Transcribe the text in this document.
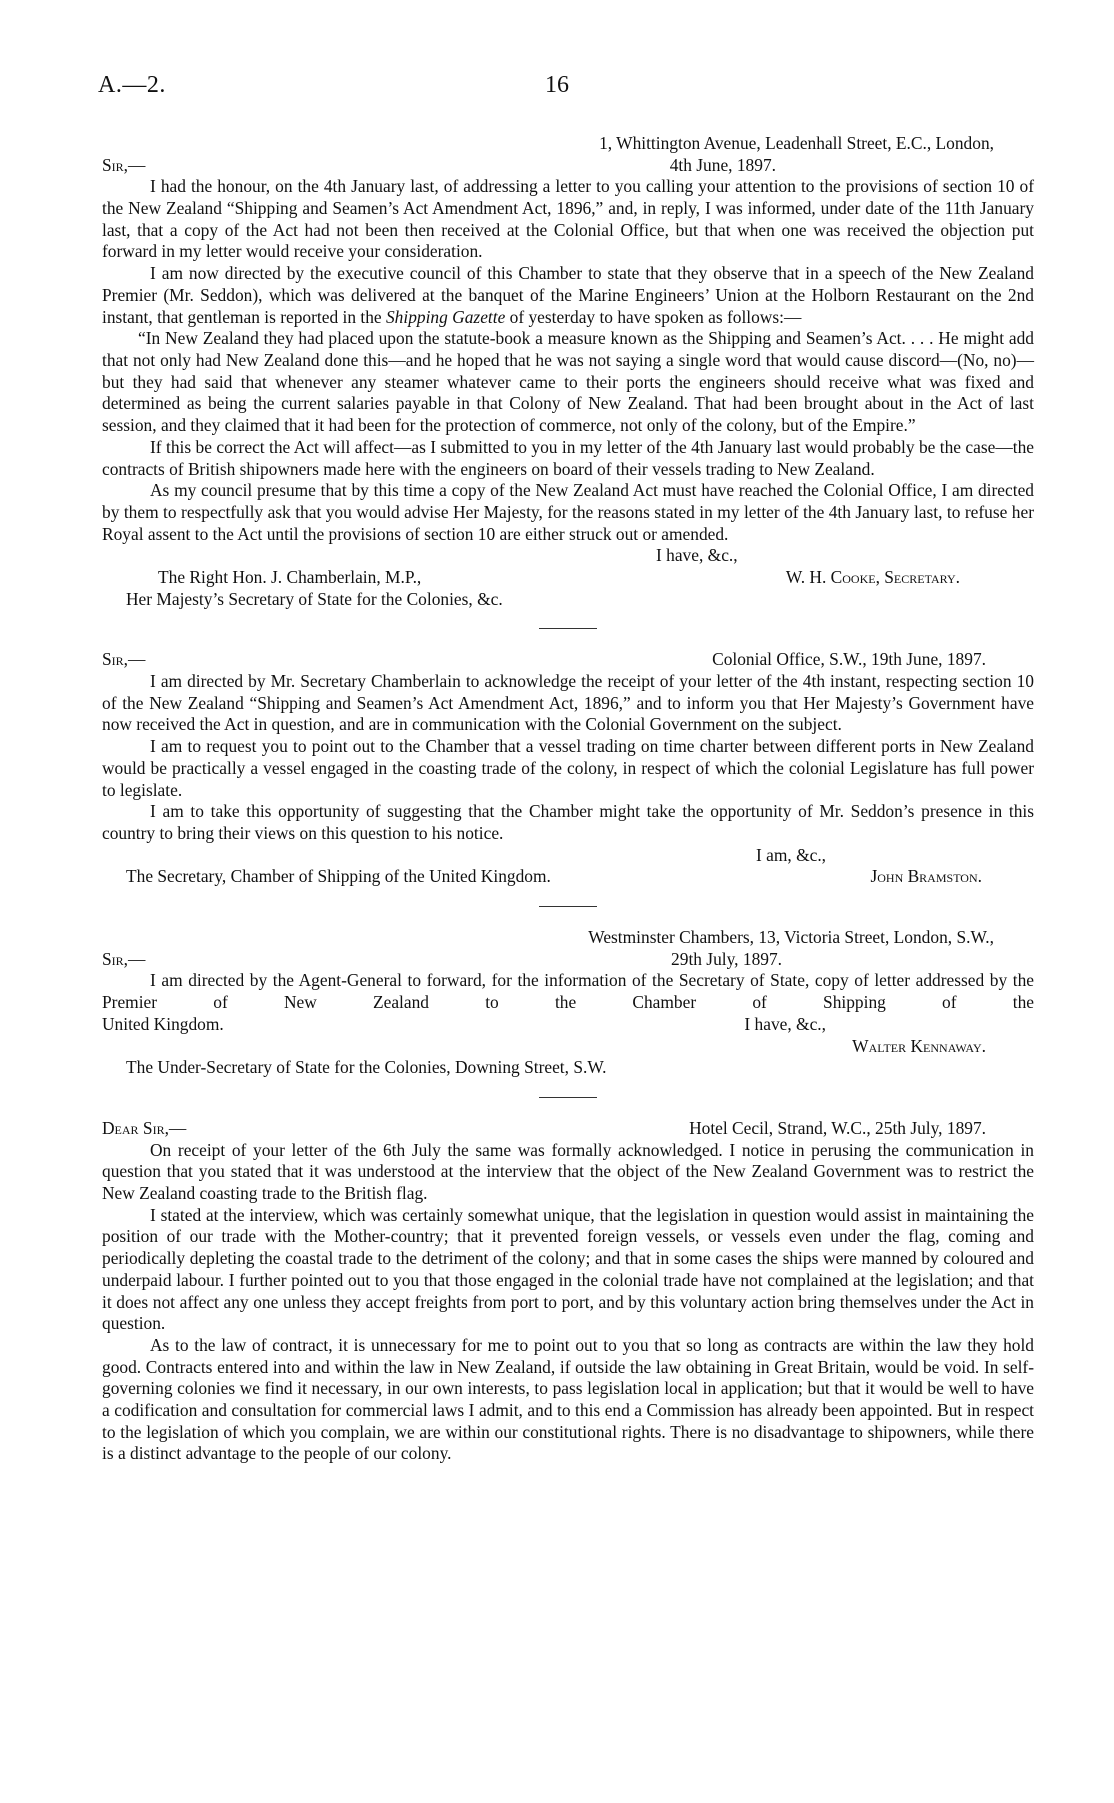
A.—2.	16
1, Whittington Avenue, Leadenhall Street, E.C., London,
Sir,—	4th June, 1897.

I had the honour, on the 4th January last, of addressing a letter to you calling your attention to the provisions of section 10 of the New Zealand “Shipping and Seamen’s Act Amendment Act, 1896,” and, in reply, I was informed, under date of the 11th January last, that a copy of the Act had not been then received at the Colonial Office, but that when one was received the objection put forward in my letter would receive your consideration.

I am now directed by the executive council of this Chamber to state that they observe that in a speech of the New Zealand Premier (Mr. Seddon), which was delivered at the banquet of the Marine Engineers’ Union at the Holborn Restaurant on the 2nd instant, that gentleman is reported in the Shipping Gazette of yesterday to have spoken as follows:—

“In New Zealand they had placed upon the statute-book a measure known as the Shipping and Seamen’s Act. . . . He might add that not only had New Zealand done this—and he hoped that he was not saying a single word that would cause discord—(No, no)—but they had said that whenever any steamer whatever came to their ports the engineers should receive what was fixed and determined as being the current salaries payable in that Colony of New Zealand. That had been brought about in the Act of last session, and they claimed that it had been for the protection of commerce, not only of the colony, but of the Empire.”

If this be correct the Act will affect—as I submitted to you in my letter of the 4th January last would probably be the case—the contracts of British shipowners made here with the engineers on board of their vessels trading to New Zealand.

As my council presume that by this time a copy of the New Zealand Act must have reached the Colonial Office, I am directed by them to respectfully ask that you would advise Her Majesty, for the reasons stated in my letter of the 4th January last, to refuse her Royal assent to the Act until the provisions of section 10 are either struck out or amended.

I have, &c.,
The Right Hon. J. Chamberlain, M.P.,	W. H. Cooke, Secretary.
Her Majesty’s Secretary of State for the Colonies, &c.
Sir,—	Colonial Office, S.W., 19th June, 1897.

I am directed by Mr. Secretary Chamberlain to acknowledge the receipt of your letter of the 4th instant, respecting section 10 of the New Zealand “Shipping and Seamen’s Act Amendment Act, 1896,” and to inform you that Her Majesty’s Government have now received the Act in question, and are in communication with the Colonial Government on the subject.

I am to request you to point out to the Chamber that a vessel trading on time charter between different ports in New Zealand would be practically a vessel engaged in the coasting trade of the colony, in respect of which the colonial Legislature has full power to legislate.

I am to take this opportunity of suggesting that the Chamber might take the opportunity of Mr. Seddon’s presence in this country to bring their views on this question to his notice.

I am, &c.,
The Secretary, Chamber of Shipping of the United Kingdom.	John Bramston.
Westminster Chambers, 13, Victoria Street, London, S.W.,
Sir,—	29th July, 1897.

I am directed by the Agent-General to forward, for the information of the Secretary of State, copy of letter addressed by the Premier of New Zealand to the Chamber of Shipping of the

United Kingdom.	I have, &c.,
Walter Kennaway.
The Under-Secretary of State for the Colonies, Downing Street, S.W.
Dear Sir,—	Hotel Cecil, Strand, W.C., 25th July, 1897.

On receipt of your letter of the 6th July the same was formally acknowledged. I notice in perusing the communication in question that you stated that it was understood at the interview that the object of the New Zealand Government was to restrict the New Zealand coasting trade to the British flag.

I stated at the interview, which was certainly somewhat unique, that the legislation in question would assist in maintaining the position of our trade with the Mother-country; that it prevented foreign vessels, or vessels even under the flag, coming and periodically depleting the coastal trade to the detriment of the colony; and that in some cases the ships were manned by coloured and underpaid labour. I further pointed out to you that those engaged in the colonial trade have not complained at the legislation; and that it does not affect any one unless they accept freights from port to port, and by this voluntary action bring themselves under the Act in question.

As to the law of contract, it is unnecessary for me to point out to you that so long as contracts are within the law they hold good. Contracts entered into and within the law in New Zealand, if outside the law obtaining in Great Britain, would be void. In self-governing colonies we find it necessary, in our own interests, to pass legislation local in application; but that it would be well to have a codification and consultation for commercial laws I admit, and to this end a Commission has already been appointed. But in respect to the legislation of which you complain, we are within our constitutional rights. There is no disadvantage to shipowners, while there is a distinct advantage to the people of our colony.
